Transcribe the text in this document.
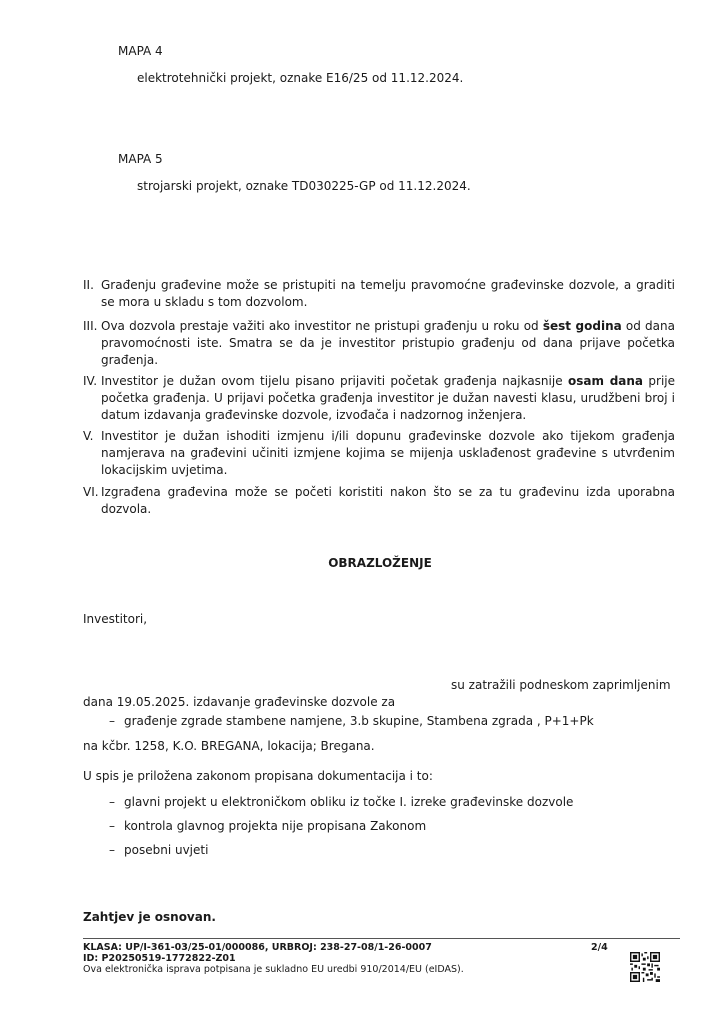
MAPA 4
elektrotehnički projekt, oznake E16/25 od 11.12.2024.
MAPA 5
strojarski projekt, oznake TD030225-GP od 11.12.2024.
II. Građenju građevine može se pristupiti na temelju pravomoćne građevinske dozvole, a graditi se mora u skladu s tom dozvolom.
III. Ova dozvola prestaje važiti ako investitor ne pristupi građenju u roku od šest godina od dana pravomoćnosti iste. Smatra se da je investitor pristupio građenju od dana prijave početka građenja.
IV. Investitor je dužan ovom tijelu pisano prijaviti početak građenja najkasnije osam dana prije početka građenja. U prijavi početka građenja investitor je dužan navesti klasu, urudžbeni broj i datum izdavanja građevinske dozvole, izvođača i nadzornog inženjera.
V. Investitor je dužan ishoditi izmjenu i/ili dopunu građevinske dozvole ako tijekom građenja namjerava na građevini učiniti izmjene kojima se mijenja usklađenost građevine s utvrđenim lokacijskim uvjetima.
VI. Izgrađena građevina može se početi koristiti nakon što se za tu građevinu izda uporabna dozvola.
OBRAZLOŽENJE
Investitori,
su zatražili podneskom zaprimljenim
dana 19.05.2025. izdavanje građevinske dozvole za
– građenje zgrade stambene namjene, 3.b skupine, Stambena zgrada , P+1+Pk
na kčbr. 1258, K.O. BREGANA, lokacija; Bregana.
U spis je priložena zakonom propisana dokumentacija i to:
– glavni projekt u elektroničkom obliku iz točke I. izreke građevinske dozvole
– kontrola glavnog projekta nije propisana Zakonom
– posebni uvjeti
Zahtjev je osnovan.
KLASA: UP/I-361-03/25-01/000086, URBROJ: 238-27-08/1-26-0007	2/4
ID: P20250519-1772822-Z01
Ova elektronička isprava potpisana je sukladno EU uredbi 910/2014/EU (eIDAS).
